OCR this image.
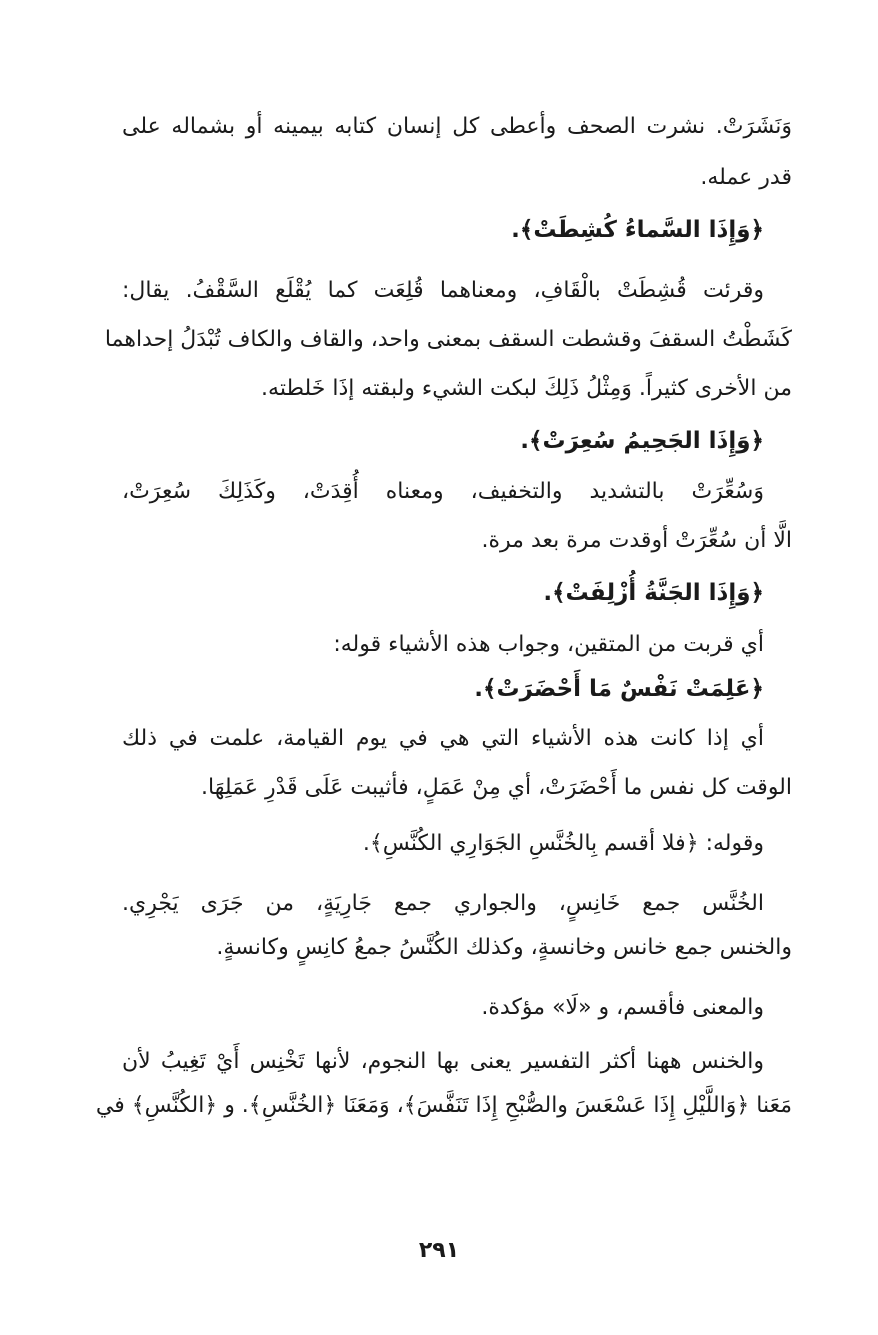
وَنَشَرَتْ. نشرت الصحف وأعطى كل إنسان كتابه بيمينه أو بشماله على

قدر عمله.

﴿وَإِذَا السَّماءُ كُشِطَتْ﴾.

وقرئت قُشِطَتْ بالْقَافِ، ومعناهما قُلِعَت كما يُقْلَع السَّقْفُ. يقال:

كَشَطْتُ السقفَ وقشطت السقف بمعنى واحد، والقاف والكاف تُبْدَلُ إحداهما

من الأخرى كثيراً. وَمِثْلُ ذَلِكَ لبكت الشيء ولبقته إذَا خَلطته.

﴿وَإِذَا الجَحِيمُ سُعِرَتْ﴾.

وَسُعِّرَتْ بالتشديد والتخفيف، ومعناه أُقِدَتْ، وكَذَلِكَ سُعِرَتْ،

الَّا أن سُعِّرَتْ أوقدت مرة بعد مرة.

﴿وَإِذَا الجَنَّةُ أُزْلِفَتْ﴾.

أي قربت من المتقين، وجواب هذه الأشياء قوله:

﴿عَلِمَتْ نَفْسٌ مَا أَحْضَرَتْ﴾.

أي إذا كانت هذه الأشياء التي هي في يوم القيامة، علمت في ذلك

الوقت كل نفس ما أَحْضَرَتْ، أي مِنْ عَمَلٍ، فأثيبت عَلَى قَدْرِ عَمَلِهَا.

وقوله: ﴿فلا أقسم بِالخُنَّسِ الجَوَارِي الكُنَّسِ﴾.

الخُنَّس جمع خَانِسٍ، والجواري جمع جَارِيَةٍ، من جَرَى يَجْرِي.

والخنس جمع خانس وخانسةٍ، وكذلك الكُنَّسُ جمعُ كانِسٍ وكانسةٍ.

والمعنى فأقسم، و «لَا» مؤكدة.

والخنس ههنا أكثر التفسير يعنى بها النجوم، لأنها تَخْنِس أَيْ تَغِيبُ لأن

مَعَنا ﴿وَاللَّيْلِ إِذَا عَسْعَسَ والصُّبْحِ إِذَا تَنَفَّسَ﴾، وَمَعَنَا ﴿الخُنَّسِ﴾. و ﴿الكُنَّسِ﴾ في

٢٩١
